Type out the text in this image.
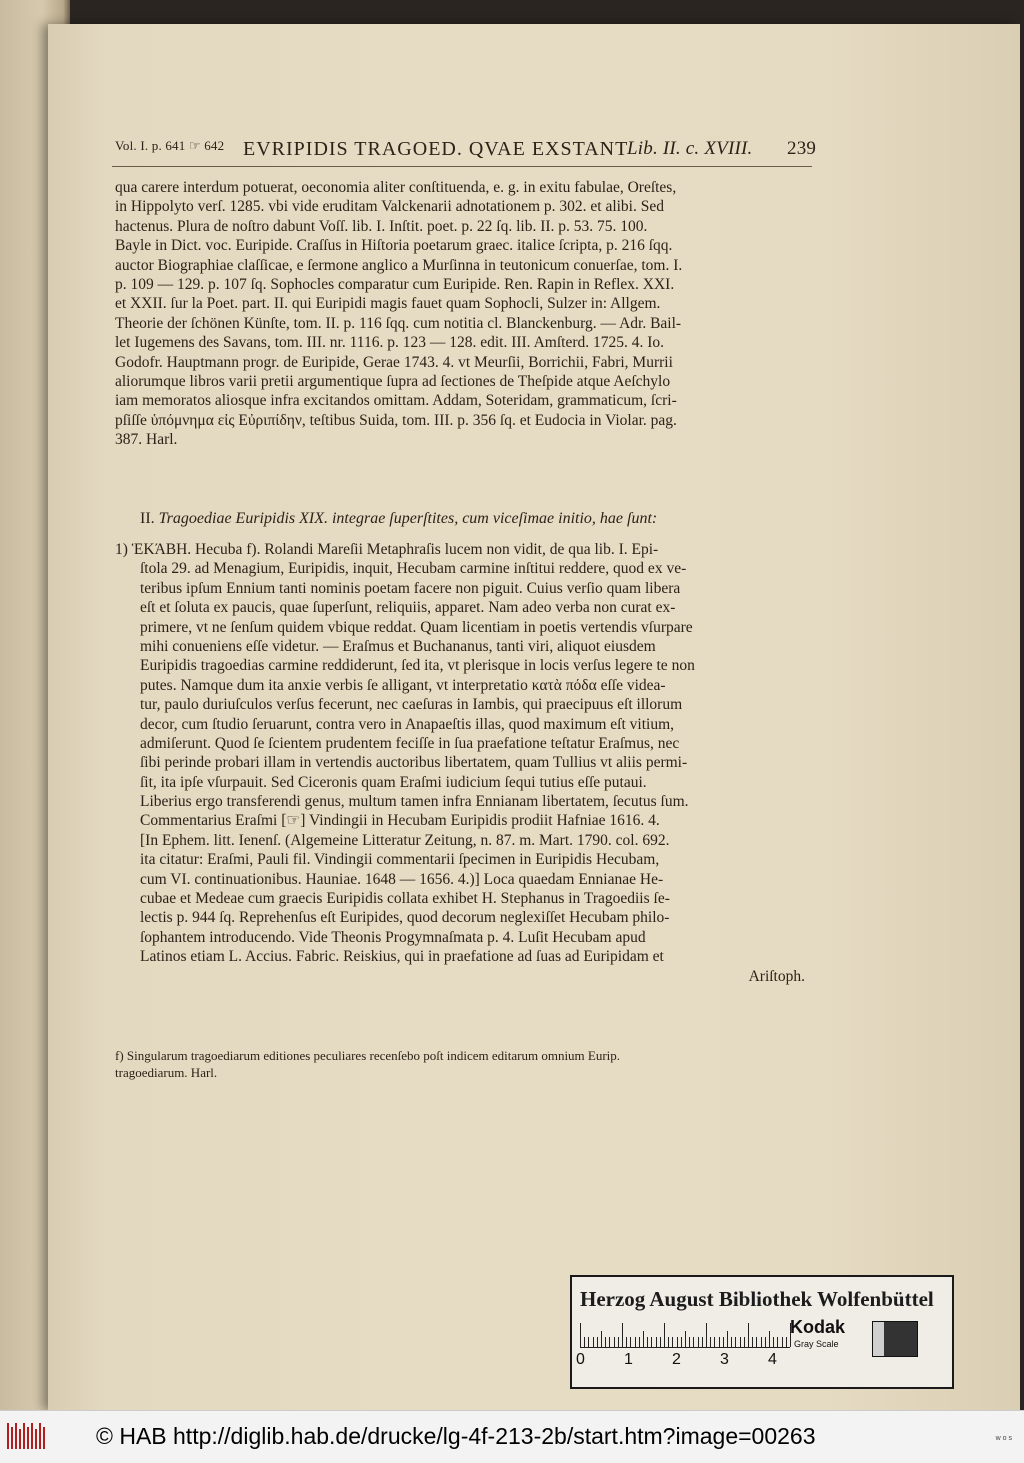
Vol. I. p. 641 ☞ 642 EVRIPIDIS TRAGOED. QVAE EXSTANT
Lib. II. c. XVIII. 239
qua carere interdum potuerat, oeconomia aliter conſtituenda, e. g. in exitu fabulae, Oreſtes,
in Hippolyto verſ. 1285. vbi vide eruditam Valckenarii adnotationem p. 302. et alibi. Sed
hactenus. Plura de noſtro dabunt Voſſ. lib. I. Inſtit. poet. p. 22 ſq. lib. II. p. 53. 75. 100.
Bayle in Dict. voc. Euripide. Craſſus in Hiſtoria poetarum graec. italice ſcripta, p. 216 ſqq.
auctor Biographiae claſſicae, e ſermone anglico a Murſinna in teutonicum conuerſae, tom. I.
p. 109 — 129. p. 107 ſq. Sophocles comparatur cum Euripide. Ren. Rapin in Reflex. XXI.
et XXII. ſur la Poet. part. II. qui Euripidi magis fauet quam Sophocli, Sulzer in: Allgem.
Theorie der ſchönen Künſte, tom. II. p. 116 ſqq. cum notitia cl. Blanckenburg. — Adr. Bail-
let Iugemens des Savans, tom. III. nr. 1116. p. 123 — 128. edit. III. Amſterd. 1725. 4. Io.
Godofr. Hauptmann progr. de Euripide, Gerae 1743. 4. vt Meurſii, Borrichii, Fabri, Murrii
aliorumque libros varii pretii argumentique ſupra ad ſectiones de Theſpide atque Aeſchylo
iam memoratos aliosque infra excitandos omittam. Addam, Soteridam, grammaticum, ſcri-
pſiſſe ὑπόμνημα εἰς Εὐριπίδην, teſtibus Suida, tom. III. p. 356 ſq. et Eudocia in Violar. pag.
387. Harl.
II. Tragoediae Euripidis XIX. integrae ſuperſtites, cum viceſimae initio, hae ſunt:
1) ἙΚΆΒΗ. Hecuba f). Rolandi Mareſii Metaphraſis lucem non vidit, de qua lib. I. Epi-
ſtola 29. ad Menagium, Euripidis, inquit, Hecubam carmine inſtitui reddere, quod ex ve-
teribus ipſum Ennium tanti nominis poetam facere non piguit. Cuius verſio quam libera
eſt et ſoluta ex paucis, quae ſuperſunt, reliquiis, apparet. Nam adeo verba non curat ex-
primere, vt ne ſenſum quidem vbique reddat. Quam licentiam in poetis vertendis vſurpare
mihi conueniens eſſe videtur. — Eraſmus et Buchananus, tanti viri, aliquot eiusdem
Euripidis tragoedias carmine reddiderunt, ſed ita, vt plerisque in locis verſus legere te non
putes. Namque dum ita anxie verbis ſe alligant, vt interpretatio κατὰ πόδα eſſe videa-
tur, paulo duriuſculos verſus fecerunt, nec caeſuras in Iambis, qui praecipuus eſt illorum
decor, cum ſtudio ſeruarunt, contra vero in Anapaeſtis illas, quod maximum eſt vitium,
admiſerunt. Quod ſe ſcientem prudentem feciſſe in ſua praefatione teſtatur Eraſmus, nec
ſibi perinde probari illam in vertendis auctoribus libertatem, quam Tullius vt aliis permi-
ſit, ita ipſe vſurpauit. Sed Ciceronis quam Eraſmi iudicium ſequi tutius eſſe putaui.
Liberius ergo transferendi genus, multum tamen infra Ennianam libertatem, ſecutus ſum.
Commentarius Eraſmi [☞] Vindingii in Hecubam Euripidis prodiit Hafniae 1616. 4.
[In Ephem. litt. Ienenſ. (Algemeine Litteratur Zeitung, n. 87. m. Mart. 1790. col. 692.
ita citatur: Eraſmi, Pauli fil. Vindingii commentarii ſpecimen in Euripidis Hecubam,
cum VI. continuationibus. Hauniae. 1648 — 1656. 4.)] Loca quaedam Ennianae He-
cubae et Medeae cum graecis Euripidis collata exhibet H. Stephanus in Tragoediis ſe-
lectis p. 944 ſq. Reprehenſus eſt Euripides, quod decorum neglexiſſet Hecubam philo-
ſophantem introducendo. Vide Theonis Progymnaſmata p. 4. Luſit Hecubam apud
Latinos etiam L. Accius. Fabric. Reiskius, qui in praefatione ad ſuas ad Euripidam et
Ariſtoph.
f) Singularum tragoediarum editiones peculiares recenſebo poſt indicem editarum omnium Eurip.
tragoediarum. Harl.
Herzog August Bibliothek Wolfenbüttel
0 1 2 3 4
Kodak
Gray Scale
© HAB http://diglib.hab.de/drucke/lg-4f-213-2b/start.htm?image=00263	w o s
